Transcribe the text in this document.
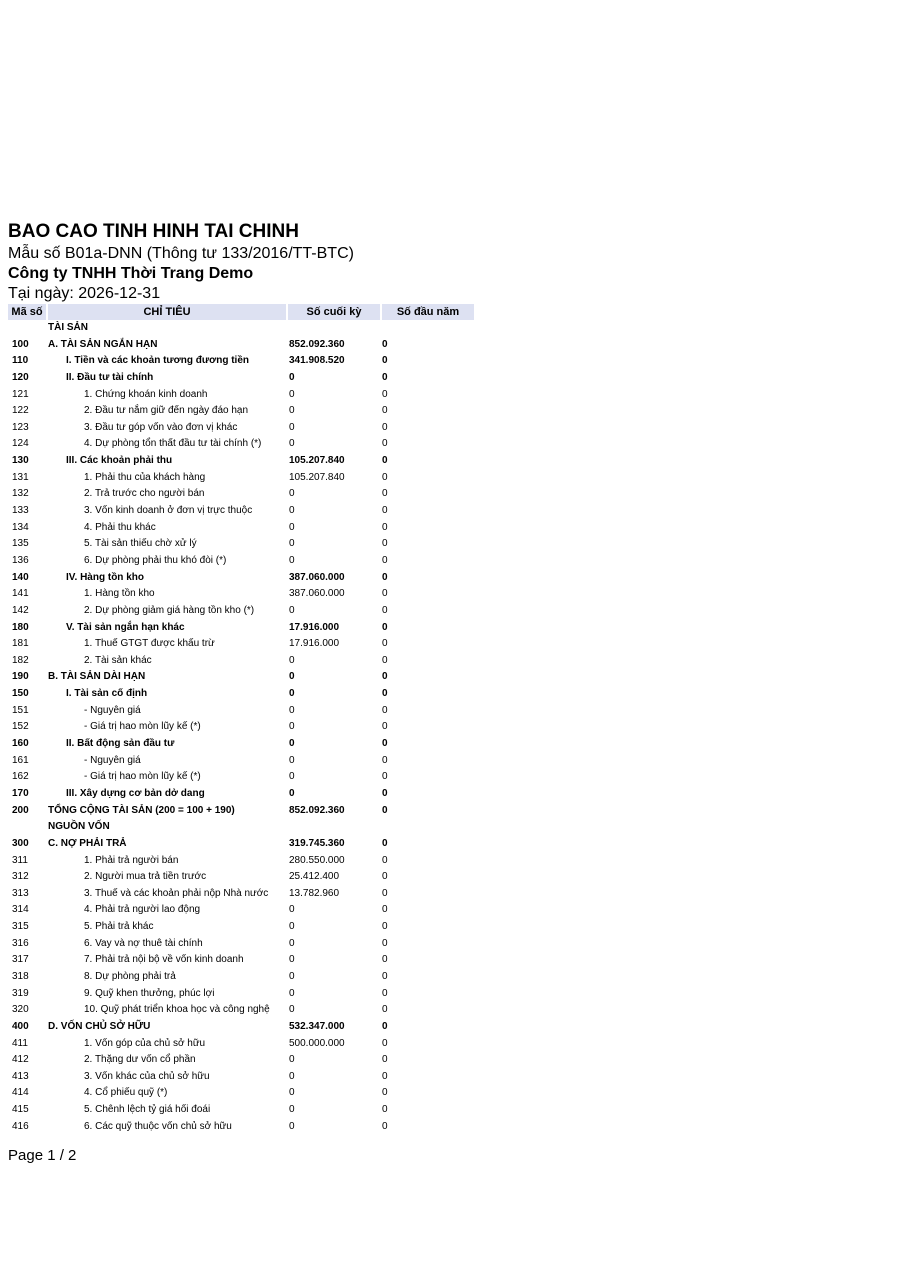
BAO CAO TINH HINH TAI CHINH
Mẫu số B01a-DNN (Thông tư 133/2016/TT-BTC)
Công ty TNHH Thời Trang Demo
Tại ngày: 2026-12-31
Mã số	CHỈ TIÊU	Số cuối kỳ	Số đầu năm
TÀI SẢN
100 A. TÀI SẢN NGẮN HẠN	852.092.360	0
110	I. Tiền và các khoản tương đương tiền	341.908.520	0
120	II. Đầu tư tài chính	0	0
121	1. Chứng khoán kinh doanh	0	0
122	2. Đầu tư nắm giữ đến ngày đáo hạn	0	0
123	3. Đầu tư góp vốn vào đơn vị khác	0	0
124	4. Dự phòng tổn thất đầu tư tài chính (*)	0	0
130	III. Các khoản phải thu	105.207.840	0
131	1. Phải thu của khách hàng	105.207.840	0
132	2. Trả trước cho người bán	0	0
133	3. Vốn kinh doanh ở đơn vị trực thuộc	0	0
134	4. Phải thu khác	0	0
135	5. Tài sản thiếu chờ xử lý	0	0
136	6. Dự phòng phải thu khó đòi (*)	0	0
140	IV. Hàng tồn kho	387.060.000	0
141	1. Hàng tồn kho	387.060.000	0
142	2. Dự phòng giảm giá hàng tồn kho (*)	0	0
180	V. Tài sản ngắn hạn khác	17.916.000	0
181	1. Thuế GTGT được khấu trừ	17.916.000	0
182	2. Tài sản khác	0	0
190 B. TÀI SẢN DÀI HẠN	0	0
150	I. Tài sản cố định	0	0
151	- Nguyên giá	0	0
152	- Giá trị hao mòn lũy kế (*)	0	0
160	II. Bất động sản đầu tư	0	0
161	- Nguyên giá	0	0
162	- Giá trị hao mòn lũy kế (*)	0	0
170	III. Xây dựng cơ bản dở dang	0	0
200 TỔNG CỘNG TÀI SẢN (200 = 100 + 190)	852.092.360	0
NGUỒN VỐN
300 C. NỢ PHẢI TRẢ	319.745.360	0
311	1. Phải trả người bán	280.550.000	0
312	2. Người mua trả tiền trước	25.412.400	0
313	3. Thuế và các khoản phải nộp Nhà nước 13.782.960	0
314	4. Phải trả người lao động	0	0
315	5. Phải trả khác	0	0
316	6. Vay và nợ thuê tài chính	0	0
317	7. Phải trả nội bộ về vốn kinh doanh	0	0
318	8. Dự phòng phải trả	0	0
319	9. Quỹ khen thưởng, phúc lợi	0	0
320	10. Quỹ phát triển khoa học và công nghệ 0	0
400 D. VỐN CHỦ SỞ HỮU	532.347.000	0
411	1. Vốn góp của chủ sở hữu	500.000.000	0
412	2. Thặng dư vốn cổ phần	0	0
413	3. Vốn khác của chủ sở hữu	0	0
414	4. Cổ phiếu quỹ (*)	0	0
415	5. Chênh lệch tỷ giá hối đoái	0	0
416	6. Các quỹ thuộc vốn chủ sở hữu	0	0
Page 1 / 2
